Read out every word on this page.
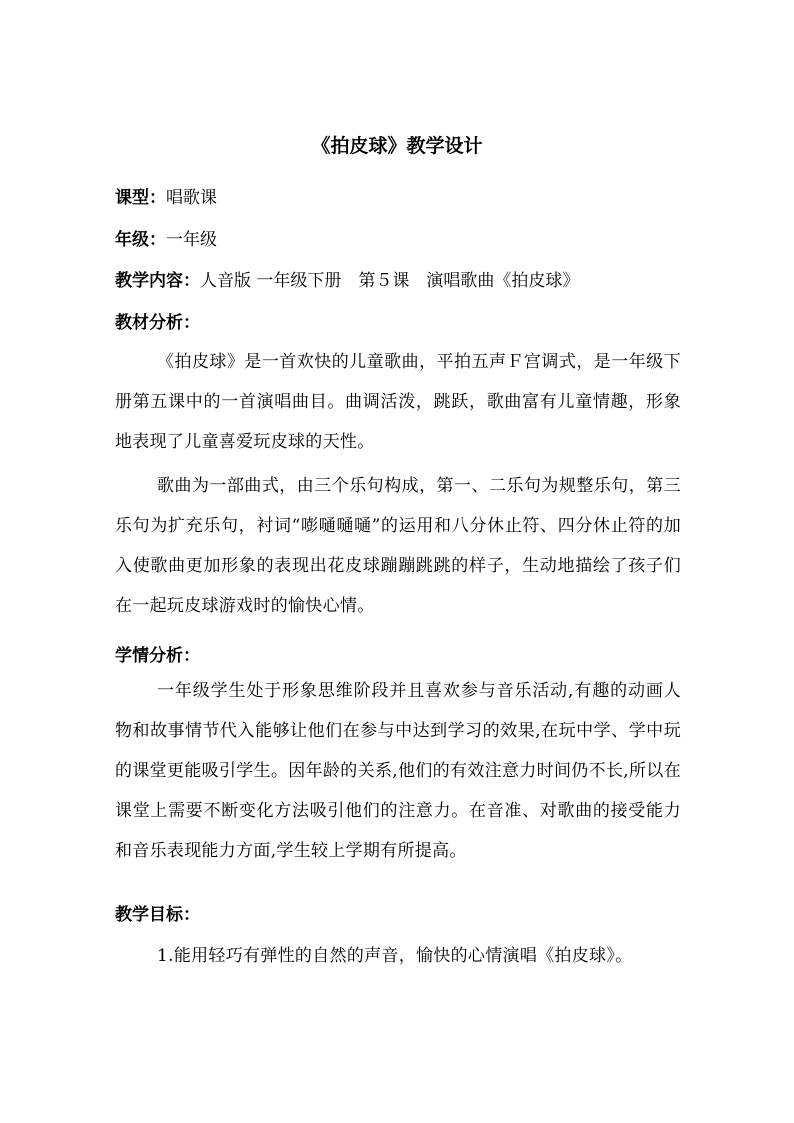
《拍皮球》教学设计
课型：唱歌课
年级：一年级
教学内容：人音版 一年级下册　第５课　演唱歌曲《拍皮球》
教材分析：
《拍皮球》是一首欢快的儿童歌曲，平拍五声Ｆ宫调式，是一年级下册第五课中的一首演唱曲目。曲调活泼，跳跃，歌曲富有儿童情趣，形象地表现了儿童喜爱玩皮球的天性。
歌曲为一部曲式，由三个乐句构成，第一、二乐句为规整乐句，第三乐句为扩充乐句，衬词“嘭嗵嗵嗵”的运用和八分休止符、四分休止符的加入使歌曲更加形象的表现出花皮球蹦蹦跳跳的样子，生动地描绘了孩子们在一起玩皮球游戏时的愉快心情。
学情分析：
一年级学生处于形象思维阶段并且喜欢参与音乐活动,有趣的动画人物和故事情节代入能够让他们在参与中达到学习的效果,在玩中学、学中玩的课堂更能吸引学生。因年龄的关系,他们的有效注意力时间仍不长,所以在课堂上需要不断变化方法吸引他们的注意力。在音准、对歌曲的接受能力和音乐表现能力方面,学生较上学期有所提高。
教学目标：
1.能用轻巧有弹性的自然的声音，愉快的心情演唱《拍皮球》。
